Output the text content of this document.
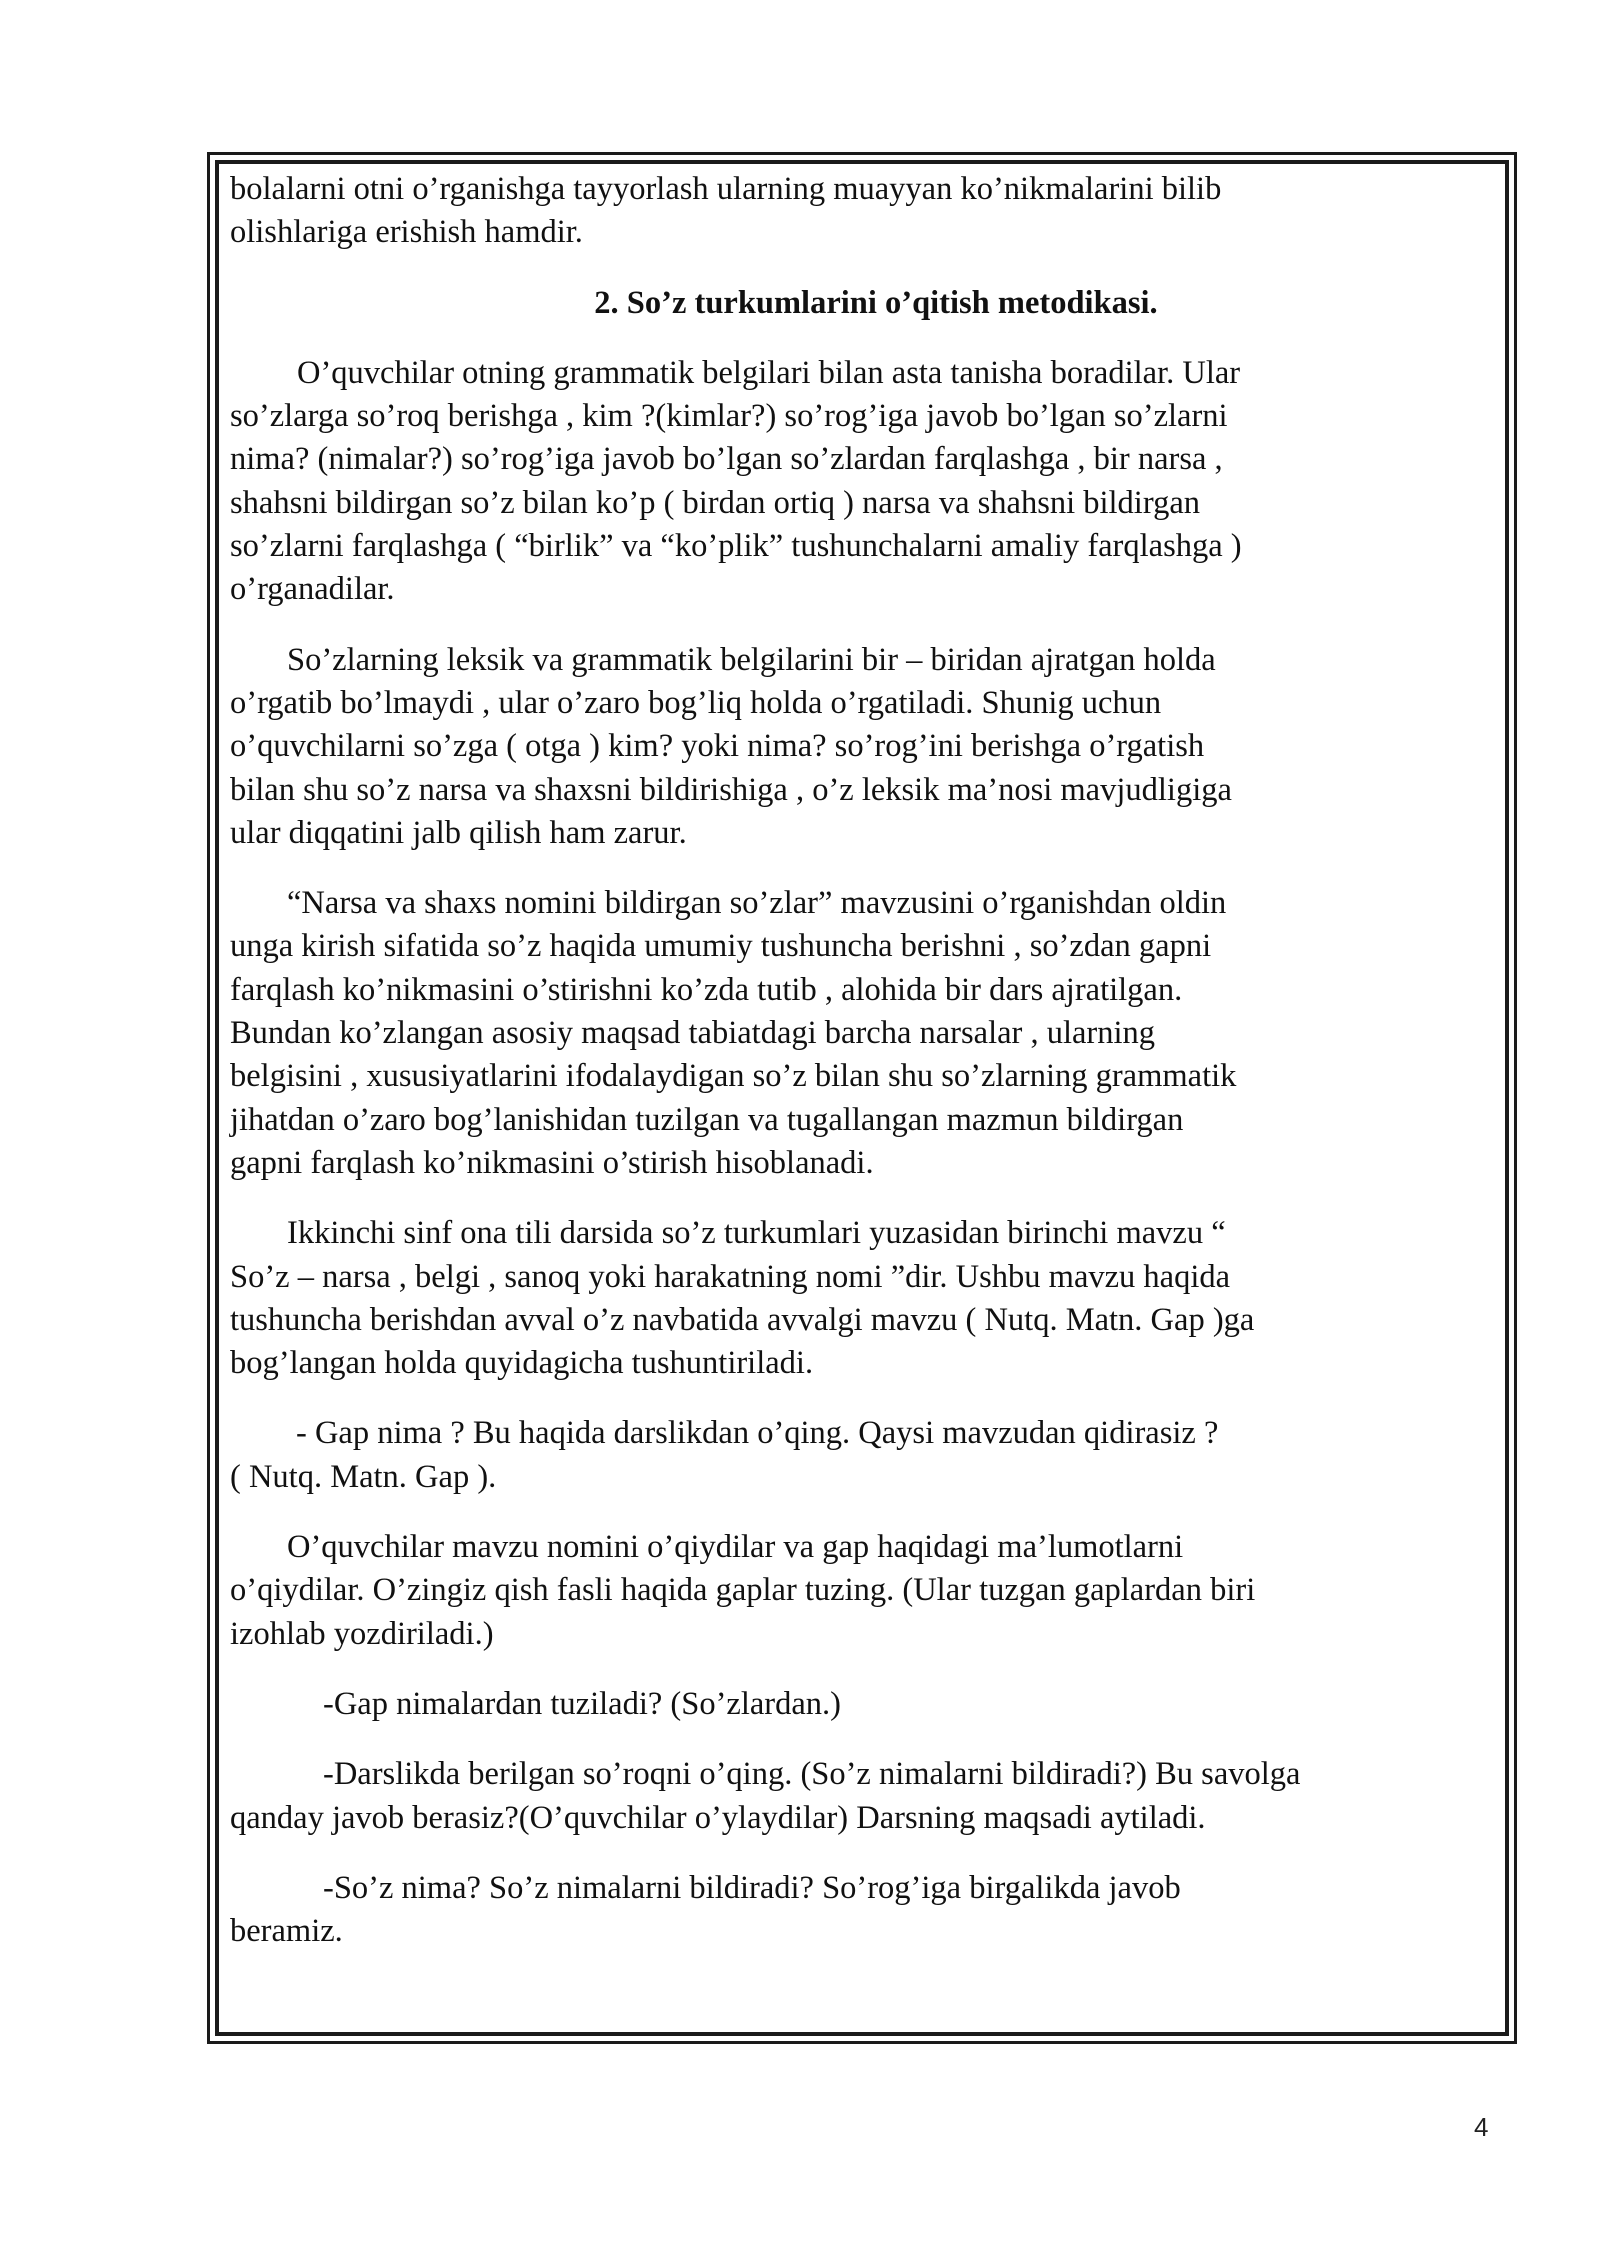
bolalarni otni o’rganishga tayyorlash ularning muayyan ko’nikmalarini bilib
olishlariga erishish hamdir.

2. So’z turkumlarini o’qitish metodikasi.

O’quvchilar otning grammatik belgilari bilan asta tanisha boradilar. Ular
so’zlarga so’roq berishga , kim ?(kimlar?) so’rog’iga javob bo’lgan so’zlarni
nima? (nimalar?) so’rog’iga javob bo’lgan so’zlardan farqlashga , bir narsa ,
shahsni bildirgan so’z bilan ko’p ( birdan ortiq ) narsa va shahsni bildirgan
so’zlarni farqlashga ( “birlik” va “ko’plik” tushunchalarni amaliy farqlashga )
o’rganadilar.

So’zlarning leksik va grammatik belgilarini bir – biridan ajratgan holda
o’rgatib bo’lmaydi , ular o’zaro bog’liq holda o’rgatiladi. Shunig uchun
o’quvchilarni so’zga ( otga ) kim? yoki nima? so’rog’ini berishga o’rgatish
bilan shu so’z narsa va shaxsni bildirishiga , o’z leksik ma’nosi mavjudligiga
ular diqqatini jalb qilish ham zarur.

“Narsa va shaxs nomini bildirgan so’zlar” mavzusini o’rganishdan oldin
unga kirish sifatida so’z haqida umumiy tushuncha berishni , so’zdan gapni
farqlash ko’nikmasini o’stirishni ko’zda tutib , alohida bir dars ajratilgan.
Bundan ko’zlangan asosiy maqsad tabiatdagi barcha narsalar , ularning
belgisini , xususiyatlarini ifodalaydigan so’z bilan shu so’zlarning grammatik
jihatdan o’zaro bog’lanishidan tuzilgan va tugallangan mazmun bildirgan
gapni farqlash ko’nikmasini o’stirish hisoblanadi.

Ikkinchi sinf ona tili darsida so’z turkumlari yuzasidan birinchi mavzu “
So’z – narsa , belgi , sanoq yoki harakatning nomi ”dir. Ushbu mavzu haqida
tushuncha berishdan avval o’z navbatida avvalgi mavzu ( Nutq. Matn. Gap )ga
bog’langan holda quyidagicha tushuntiriladi.

- Gap nima ? Bu haqida darslikdan o’qing. Qaysi mavzudan qidirasiz ?
( Nutq. Matn. Gap ).

O’quvchilar mavzu nomini o’qiydilar va gap haqidagi ma’lumotlarni
o’qiydilar. O’zingiz qish fasli haqida gaplar tuzing. (Ular tuzgan gaplardan biri
izohlab yozdiriladi.)

-Gap nimalardan tuziladi? (So’zlardan.)

-Darslikda berilgan so’roqni o’qing. (So’z nimalarni bildiradi?) Bu savolga
qanday javob berasiz?(O’quvchilar o’ylaydilar) Darsning maqsadi aytiladi.

-So’z nima? So’z nimalarni bildiradi? So’rog’iga birgalikda javob
beramiz.

4
